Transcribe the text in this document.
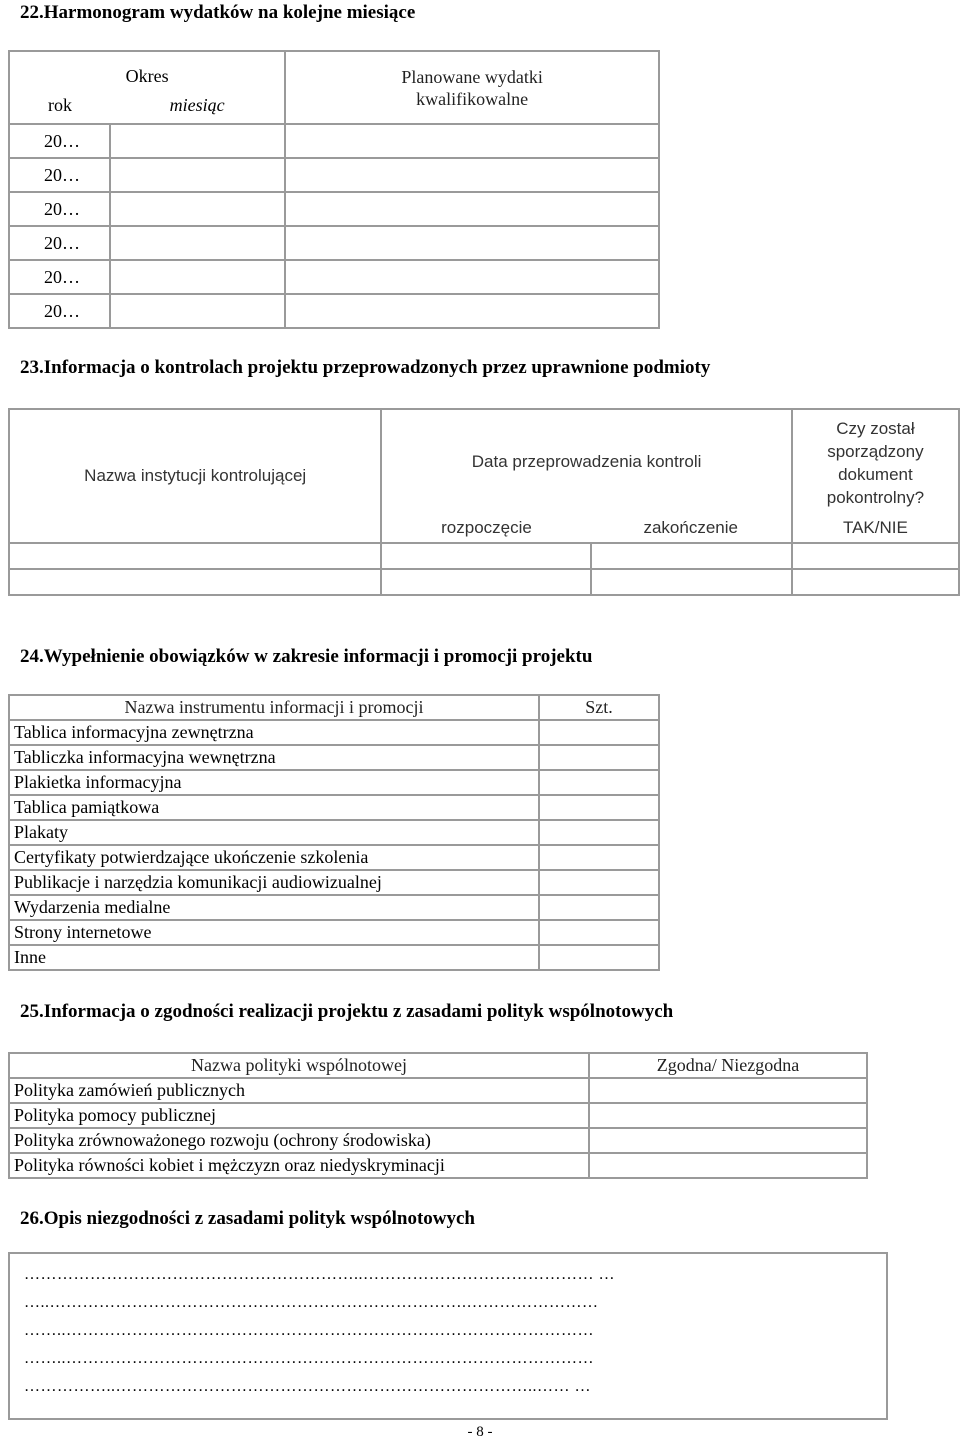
22.Harmonogram wydatków na kolejne miesiące
Okres		Planowane wydatki kwalifikowalne
rok	miesiąc	
20…		
20…		
20…		
20…		
20…		
20…		
23.Informacja o kontrolach projektu przeprowadzonych przez uprawnione podmioty
Nazwa instytucji kontrolującej	Data przeprowadzenia kontroli		Czy został sporządzony dokument pokontrolny?
	rozpoczęcie	zakończenie	TAK/NIE

24.Wypełnienie obowiązków w zakresie informacji i promocji projektu
Nazwa instrumentu informacji i promocji	Szt.
Tablica informacyjna zewnętrzna	
Tabliczka informacyjna wewnętrzna	
Plakietka informacyjna	
Tablica pamiątkowa	
Plakaty	
Certyfikaty potwierdzające ukończenie szkolenia	
Publikacje i narzędzia komunikacji audiowizualnej	
Wydarzenia medialne	
Strony internetowe	
Inne	
25.Informacja o zgodności realizacji projektu z zasadami polityk wspólnotowych
Nazwa polityki wspólnotowej	Zgodna/ Niezgodna
Polityka zamówień publicznych	
Polityka pomocy publicznej	
Polityka zrównoważonego rozwoju (ochrony środowiska)	
Polityka równości kobiet i mężczyzn oraz niedyskryminacji	
26.Opis niezgodności z zasadami polityk wspólnotowych
……………………………………………………..…………………………………… …
…..………………………………………………………………….……………………
……..……………………………………………………………………………………
……..……………………………………………………………………………………
……………..…………………………………………………………………..…… …
- 8 -
